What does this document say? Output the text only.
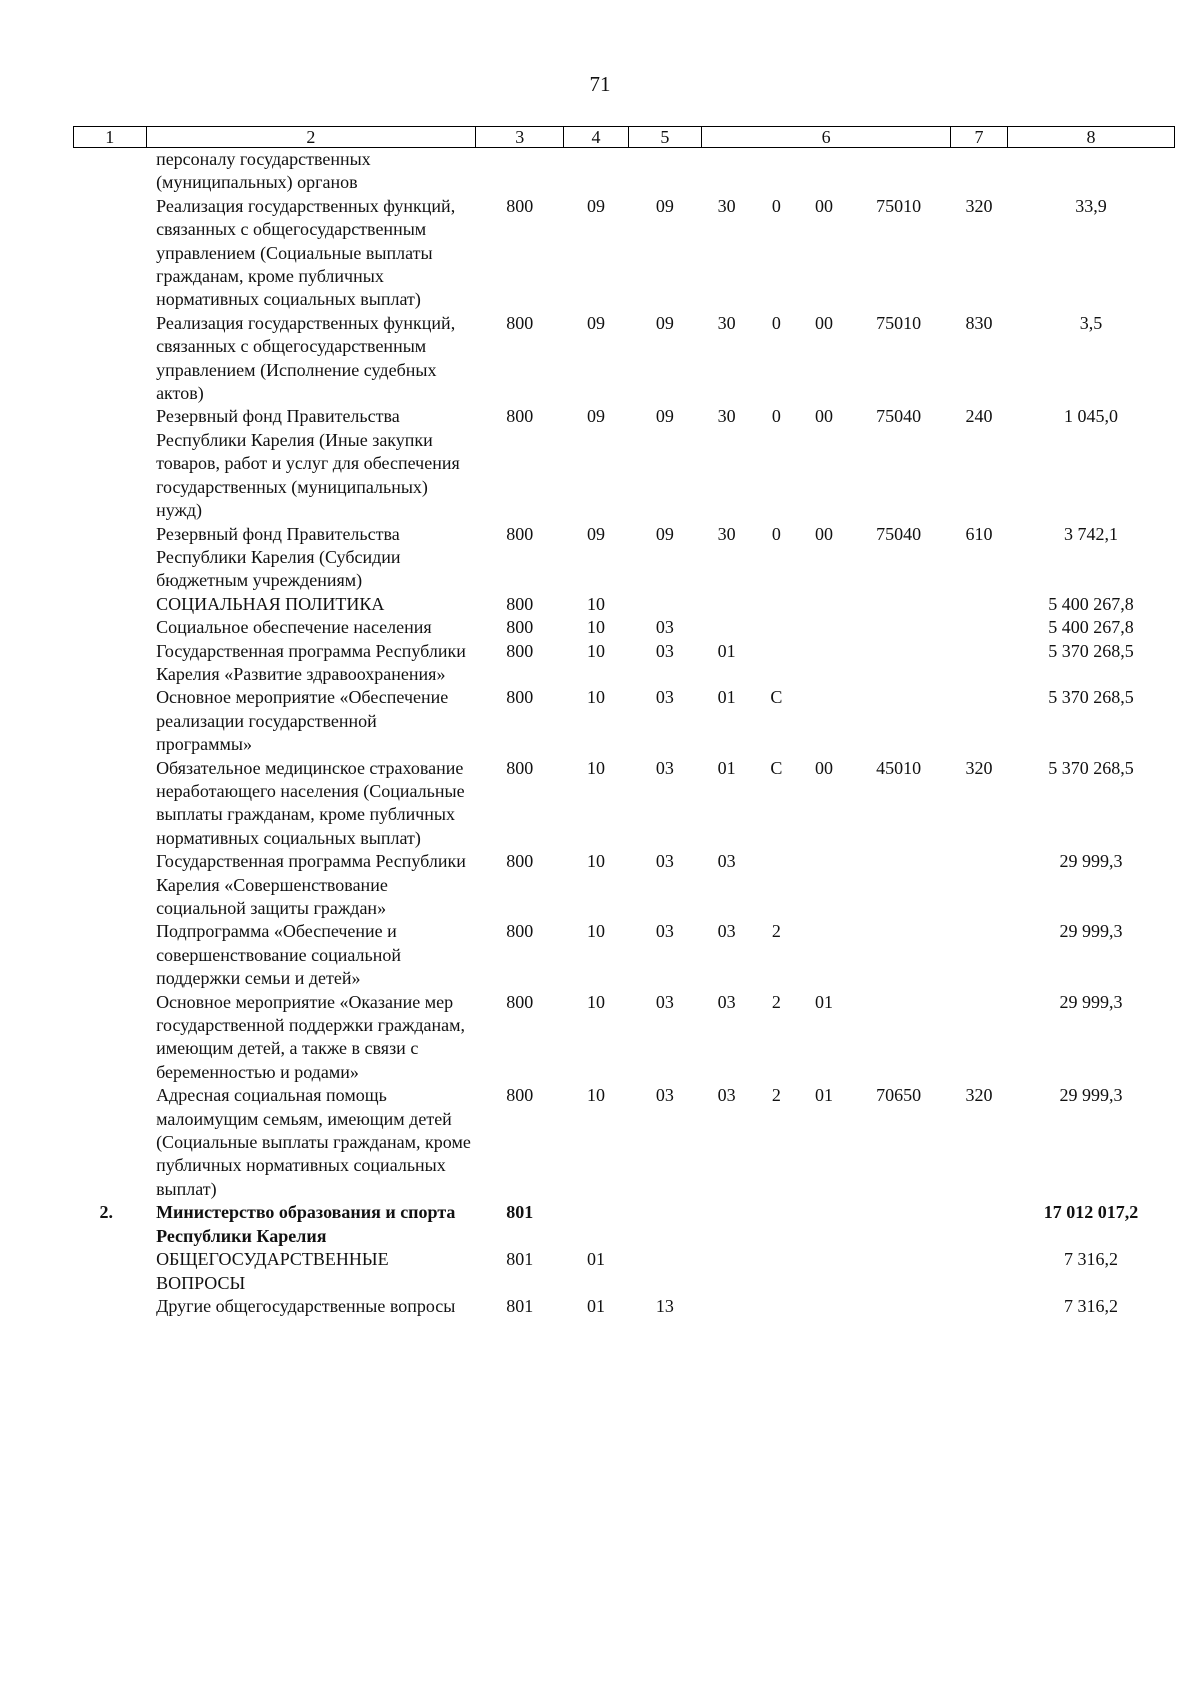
71
1	2	3	4	5	6				7	8
	персоналу государственных (муниципальных) органов									
	Реализация государственных функций, связанных с общегосударственным управлением (Социальные выплаты гражданам, кроме публичных нормативных социальных выплат)	800	09	09	30	0	00	75010	320	33,9
	Реализация государственных функций, связанных с общегосударственным управлением (Исполнение судебных актов)	800	09	09	30	0	00	75010	830	3,5
	Резервный фонд Правительства Республики Карелия (Иные закупки товаров, работ и услуг для обеспечения государственных (муниципальных) нужд)	800	09	09	30	0	00	75040	240	1 045,0
	Резервный фонд Правительства Республики Карелия (Субсидии бюджетным учреждениям)	800	09	09	30	0	00	75040	610	3 742,1
	СОЦИАЛЬНАЯ ПОЛИТИКА	800	10							5 400 267,8
	Социальное обеспечение населения	800	10	03						5 400 267,8
	Государственная программа Республики Карелия «Развитие здравоохранения»	800	10	03	01					5 370 268,5
	Основное мероприятие «Обеспечение реализации государственной программы»	800	10	03	01	С				5 370 268,5
	Обязательное медицинское страхование неработающего населения (Социальные выплаты гражданам, кроме публичных нормативных социальных выплат)	800	10	03	01	С	00	45010	320	5 370 268,5
	Государственная программа Республики Карелия «Совершенствование социальной защиты граждан»	800	10	03	03					29 999,3
	Подпрограмма «Обеспечение и совершенствование социальной поддержки семьи и детей»	800	10	03	03	2				29 999,3
	Основное мероприятие «Оказание мер государственной поддержки гражданам, имеющим детей, а также в связи с беременностью и родами»	800	10	03	03	2	01			29 999,3
	Адресная социальная помощь малоимущим семьям, имеющим детей (Социальные выплаты гражданам, кроме публичных нормативных социальных выплат)	800	10	03	03	2	01	70650	320	29 999,3
2.	Министерство образования и спорта Республики Карелия	801								17 012 017,2
	ОБЩЕГОСУДАРСТВЕННЫЕ ВОПРОСЫ	801	01							7 316,2
	Другие общегосударственные вопросы	801	01	13						7 316,2
